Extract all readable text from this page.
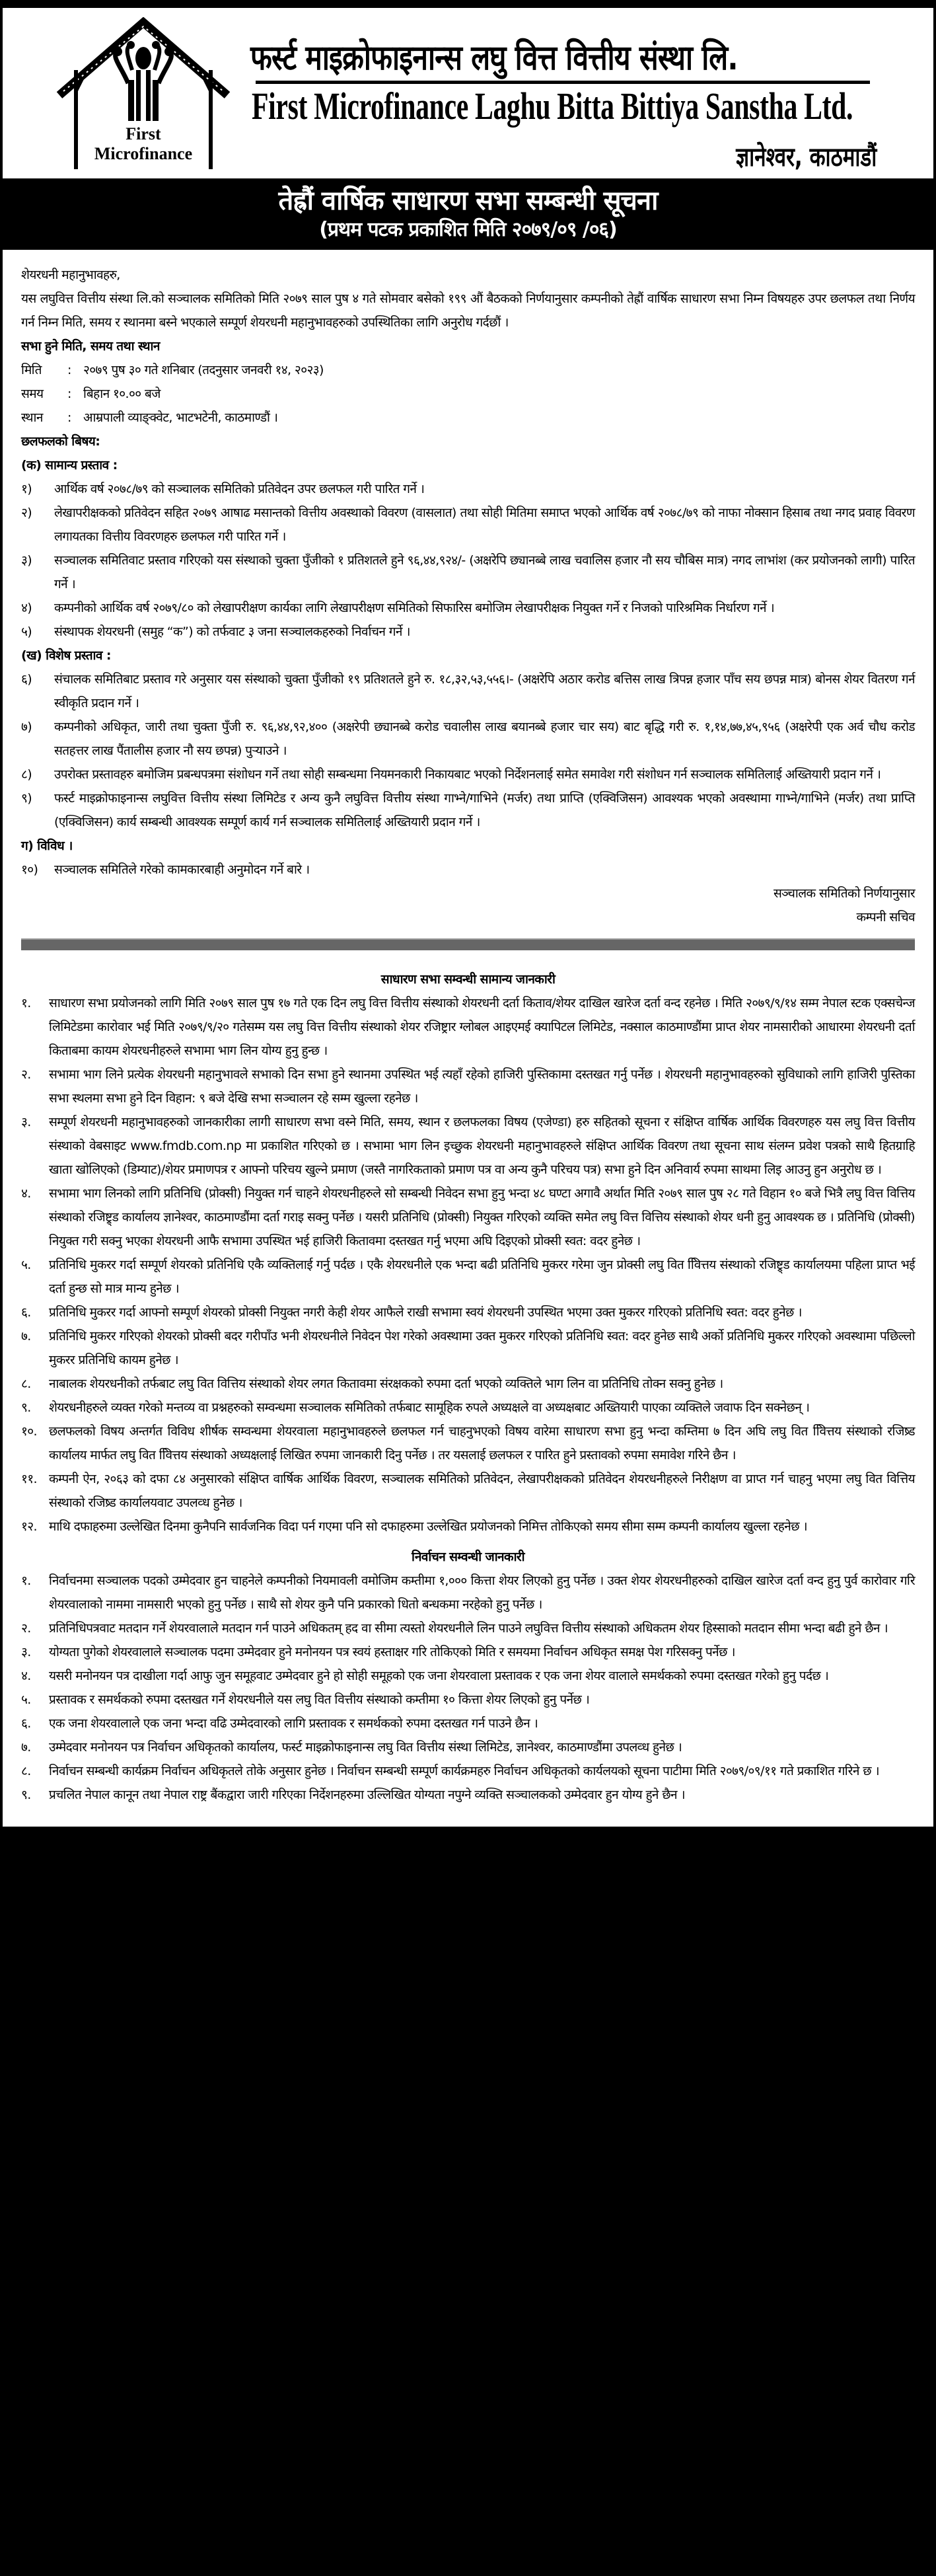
First
Microfinance
फर्स्ट माइक्रोफाइनान्स लघु वित्त वित्तीय संस्था लि.
First Microfinance Laghu Bitta Bittiya Sanstha Ltd.
ज्ञानेश्वर, काठमाडौं
तेह्रौं वार्षिक साधारण सभा सम्बन्धी सूचना
(प्रथम पटक प्रकाशित मिति २०७९/०९ /०६)
शेयरधनी महानुभावहरु,
यस लघुवित्त वित्तीय संस्था लि.को सञ्चालक समितिको मिति २०७९ साल पुष ४ गते सोमवार बसेको १९९ औं बैठकको निर्णयानुसार कम्पनीको तेह्रौं वार्षिक साधारण सभा निम्न विषयहरु उपर छलफल तथा निर्णय गर्न निम्न मिति, समय र स्थानमा बस्ने भएकाले सम्पूर्ण शेयरधनी महानुभावहरुको उपस्थितिका लागि अनुरोध गर्दछौं ।
सभा हुने मिति, समय तथा स्थान
मिति	: २०७९ पुष ३० गते शनिबार (तदनुसार जनवरी १४, २०२३)
समय	: बिहान १०.०० बजे
स्थान	: आम्रपाली व्याङ्क्वेट, भाटभटेनी, काठमाण्डौं ।
छलफलको बिषय:
(क) सामान्य प्रस्ताव :
१)	आर्थिक वर्ष २०७८/७९ को सञ्चालक समितिको प्रतिवेदन उपर छलफल गरी पारित गर्ने ।
२)	लेखापरीक्षकको प्रतिवेदन सहित २०७९ आषाढ मसान्तको वित्तीय अवस्थाको विवरण (वासलात) तथा सोही मितिमा समाप्त भएको आर्थिक वर्ष २०७८/७९ को नाफा नोक्सान हिसाब तथा नगद प्रवाह विवरण लगायतका वित्तीय विवरणहरु छलफल गरी पारित गर्ने ।
३)	सञ्चालक समितिवाट प्रस्ताव गरिएको यस संस्थाको चुक्ता पुँजीको १ प्रतिशतले हुने ९६,४४,९२४/- (अक्षरेपि छ्यानब्बे लाख चवालिस हजार नौ सय चौबिस मात्र) नगद लाभांश (कर प्रयोजनको लागी) पारित गर्ने ।
४)	कम्पनीको आर्थिक वर्ष २०७९/८० को लेखापरीक्षण कार्यका लागि लेखापरीक्षण समितिको सिफारिस बमोजिम लेखापरीक्षक नियुक्त गर्ने र निजको पारिश्रमिक निर्धारण गर्ने ।
५)	संस्थापक शेयरधनी (समुह “क”) को तर्फवाट ३ जना सञ्चालकहरुको निर्वाचन गर्ने ।
(ख) विशेष प्रस्ताव :
६)	संचालक समितिबाट प्रस्ताव गरे अनुसार यस संस्थाको चुक्ता पुँजीको १९ प्रतिशतले हुने रु. १८,३२,५३,५५६।- (अक्षरेपि अठार करोड बत्तिस लाख त्रिपन्न हजार पाँच सय छपन्न मात्र) बोनस शेयर वितरण गर्न स्वीकृति प्रदान गर्ने ।
७)	कम्पनीको अधिकृत, जारी तथा चुक्ता पुँजी रु. ९६,४४,९२,४०० (अक्षरेपी छ्यानब्बे करोड चवालीस लाख बयानब्बे हजार चार सय) बाट बृद्धि गरी रु. १,१४,७७,४५,९५६ (अक्षरेपी एक अर्व चौध करोड सतहत्तर लाख पैंतालीस हजार नौ सय छपन्न) पुऱ्याउने ।
८)	उपरोक्त प्रस्तावहरु बमोजिम प्रबन्धपत्रमा संशोधन गर्ने तथा सोही सम्बन्धमा नियमनकारी निकायबाट भएको निर्देशनलाई समेत समावेश गरी संशोधन गर्न सञ्चालक समितिलाई अख्तियारी प्रदान गर्ने ।
९)	फर्स्ट माइक्रोफाइनान्स लघुवित्त वित्तीय संस्था लिमिटेड र अन्य कुनै लघुवित्त वित्तीय संस्था गाभ्ने/गाभिने (मर्जर) तथा प्राप्ति (एक्विजिसन) आवश्यक भएको अवस्थामा गाभ्ने/गाभिने (मर्जर) तथा प्राप्ति (एक्विजिसन) कार्य सम्बन्धी आवश्यक सम्पूर्ण कार्य गर्न सञ्चालक समितिलाई अख्तियारी प्रदान गर्ने ।
ग) विविध ।
१०)	सञ्चालक समितिले गरेको कामकारबाही अनुमोदन गर्ने बारे ।
सञ्चालक समितिको निर्णयानुसार
कम्पनी सचिव
साधारण सभा सम्वन्धी सामान्य जानकारी
१.	साधारण सभा प्रयोजनको लागि मिति २०७९ साल पुष १७ गते एक दिन लघु वित्त वित्तीय संस्थाको शेयरधनी दर्ता किताव/शेयर दाखिल खारेज दर्ता वन्द रहनेछ । मिति २०७९/९/१४ सम्म नेपाल स्टक एक्सचेन्ज लिमिटेडमा कारोवार भई मिति २०७९/९/२० गतेसम्म यस लघु वित्त वित्तीय संस्थाको शेयर रजिष्ट्रार ग्लोबल आइएमई क्यापिटल लिमिटेड, नक्साल काठमाण्डौंमा प्राप्त शेयर नामसारीको आधारमा शेयरधनी दर्ता किताबमा कायम शेयरधनीहरुले सभामा भाग लिन योग्य हुनु हुन्छ ।
२.	सभामा भाग लिने प्रत्येक शेयरधनी महानुभावले सभाको दिन सभा हुने स्थानमा उपस्थित भई त्यहाँ रहेको हाजिरी पुस्तिकामा दस्तखत गर्नु पर्नेछ । शेयरधनी महानुभावहरुको सुविधाको लागि हाजिरी पुस्तिका सभा स्थलमा सभा हुने दिन विहान: ९ बजे देखि सभा सञ्चालन रहे सम्म खुल्ला रहनेछ ।
३.	सम्पूर्ण शेयरधनी महानुभावहरुको जानकारीका लागी साधारण सभा वस्ने मिति, समय, स्थान र छलफलका विषय (एजेण्डा) हरु सहितको सूचना र संक्षिप्त वार्षिक आर्थिक विवरणहरु यस लघु वित्त वित्तीय संस्थाको वेबसाइट www.fmdb.com.np मा प्रकाशित गरिएको छ । सभामा भाग लिन इच्छुक शेयरधनी महानुभावहरुले संक्षिप्त आर्थिक विवरण तथा सूचना साथ संलग्न प्रवेश पत्रको साथै हितग्राहि खाता खोलिएको (डिम्याट)/शेयर प्रमाणपत्र र आफ्नो परिचय खुल्ने प्रमाण (जस्तै नागरिकताको प्रमाण पत्र वा अन्य कुनै परिचय पत्र) सभा हुने दिन अनिवार्य रुपमा साथमा लिइ आउनु हुन अनुरोध छ ।
४.	सभामा भाग लिनको लागि प्रतिनिधि (प्रोक्सी) नियुक्त गर्न चाहने शेयरधनीहरुले सो सम्बन्धी निवेदन सभा हुनु भन्दा ४८ घण्टा अगावै अर्थात मिति २०७९ साल पुष २८ गते विहान १० बजे भित्रै लघु वित्त वित्तिय संस्थाको रजिष्ट्र्ड कार्यालय ज्ञानेश्वर, काठमाण्डौंमा दर्ता गराइ सक्नु पर्नेछ । यसरी प्रतिनिधि (प्रोक्सी) नियुक्त गरिएको व्यक्ति समेत लघु वित्त वित्तिय संस्थाको शेयर धनी हुनु आवश्यक छ । प्रतिनिधि (प्रोक्सी) नियुक्त गरी सक्नु भएका शेयरधनी आफै सभामा उपस्थित भई हाजिरी कितावमा दस्तखत गर्नु भएमा अघि दिइएको प्रोक्सी स्वत: वदर हुनेछ ।
५.	प्रतिनिधि मुकरर गर्दा सम्पूर्ण शेयरको प्रतिनिधि एकै व्यक्तिलाई गर्नु पर्दछ । एकै शेयरधनीले एक भन्दा बढी प्रतिनिधि मुकरर गरेमा जुन प्रोक्सी लघु वित विित्तय संस्थाको रजिष्ट्र्ड कार्यालयमा पहिला प्राप्त भई दर्ता हुन्छ सो मात्र मान्य हुनेछ ।
६.	प्रतिनिधि मुकरर गर्दा आफ्नो सम्पूर्ण शेयरको प्रोक्सी नियुक्त नगरी केही शेयर आफैले राखी सभामा स्वयं शेयरधनी उपस्थित भएमा उक्त मुकरर गरिएको प्रतिनिधि स्वत: वदर हुनेछ ।
७.	प्रतिनिधि मुकरर गरिएको शेयरको प्रोक्सी बदर गरीपाँउ भनी शेयरधनीले निवेदन पेश गरेको अवस्थामा उक्त मुकरर गरिएको प्रतिनिधि स्वत: वदर हुनेछ साथै अर्को प्रतिनिधि मुकरर गरिएको अवस्थामा पछिल्लो मुकरर प्रतिनिधि कायम हुनेछ ।
८.	नाबालक शेयरधनीको तर्फबाट लघु वित वित्तिय संस्थाको शेयर लगत कितावमा संरक्षकको रुपमा दर्ता भएको व्यक्तिले भाग लिन वा प्रतिनिधि तोक्न सक्नु हुनेछ ।
९.	शेयरधनीहरुले व्यक्त गरेको मन्तव्य वा प्रश्नहरुको सम्वन्धमा सञ्चालक समितिको तर्फबाट सामूहिक रुपले अध्यक्षले वा अध्यक्षबाट अख्तियारी पाएका व्यक्तिले जवाफ दिन सक्नेछन् ।
१०. छलफलको विषय अन्तर्गत विविध शीर्षक सम्वन्धमा शेयरवाला महानुभावहरुले छलफल गर्न चाहनुभएको विषय वारेमा साधारण सभा हुनु भन्दा कम्तिमा ७ दिन अघि लघु वित विित्तय संस्थाको रजिष्र्ड कार्यालय मार्फत लघु वित विित्तय संस्थाको अध्यक्षलाई लिखित रुपमा जानकारी दिनु पर्नेछ । तर यसलाई छलफल र पारित हुने प्रस्तावको रुपमा समावेश गरिने छैन ।
११. कम्पनी ऐन, २०६३ को दफा ८४ अनुसारको संक्षिप्त वार्षिक आर्थिक विवरण, सञ्चालक समितिको प्रतिवेदन, लेखापरीक्षकको प्रतिवेदन शेयरधनीहरुले निरीक्षण वा प्राप्त गर्न चाहनु भएमा लघु वित वित्तिय संस्थाको रजिष्र्ड कार्यालयवाट उपलव्ध हुनेछ ।
१२. माथि दफाहरुमा उल्लेखित दिनमा कुनैपनि सार्वजनिक विदा पर्न गएमा पनि सो दफाहरुमा उल्लेखित प्रयोजनको निमित्त तोकिएको समय सीमा सम्म कम्पनी कार्यालय खुल्ला रहनेछ ।
निर्वाचन सम्वन्धी जानकारी
१.	निर्वाचनमा सञ्चालक पदको उम्मेदवार हुन चाहनेले कम्पनीको नियमावली वमोजिम कम्तीमा १,००० कित्ता शेयर लिएको हुनु पर्नेछ । उक्त शेयर शेयरधनीहरुको दाखिल खारेज दर्ता वन्द हुनु पुर्व कारोवार गरि शेयरवालाको नाममा नामसारी भएको हुनु पर्नेछ । साथै सो शेयर कुनै पनि प्रकारको धितो बन्धकमा नरहेको हुनु पर्नेछ ।
२.	प्रतिनिधिपत्रवाट मतदान गर्ने शेयरवालाले मतदान गर्न पाउने अधिकतम् हद वा सीमा त्यस्तो शेयरधनीले लिन पाउने लघुवित्त वित्तीय संस्थाको अधिकतम शेयर हिस्साको मतदान सीमा भन्दा बढी हुने छैन ।
३.	योग्यता पुगेको शेयरवालाले सञ्चालक पदमा उम्मेदवार हुने मनोनयन पत्र स्वयं हस्ताक्षर गरि तोकिएको मिति र समयमा निर्वाचन अधिकृत समक्ष पेश गरिसक्नु पर्नेछ ।
४.	यसरी मनोनयन पत्र दाखीला गर्दा आफु जुन समूहवाट उम्मेदवार हुने हो सोही समूहको एक जना शेयरवाला प्रस्तावक र एक जना शेयर वालाले समर्थकको रुपमा दस्तखत गरेको हुनु पर्दछ ।
५.	प्रस्तावक र समर्थकको रुपमा दस्तखत गर्ने शेयरधनीले यस लघु वित वित्तीय संस्थाको कम्तीमा १० कित्ता शेयर लिएको हुनु पर्नेछ ।
६.	एक जना शेयरवालाले एक जना भन्दा वढि उम्मेदवारको लागि प्रस्तावक र समर्थकको रुपमा दस्तखत गर्न पाउने छैन ।
७.	उम्मेदवार मनोनयन पत्र निर्वाचन अधिकृतको कार्यालय, फर्स्ट माइक्रोफाइनान्स लघु वित वित्तीय संस्था लिमिटेड, ज्ञानेश्वर, काठमाण्डौंमा उपलव्ध हुनेछ ।
८.	निर्वाचन सम्बन्धी कार्यक्रम निर्वाचन अधिकृतले तोके अनुसार हुनेछ । निर्वाचन सम्बन्धी सम्पूर्ण कार्यक्रमहरु निर्वाचन अधिकृतको कार्यलयको सूचना पाटीमा मिति २०७९/०९/११ गते प्रकाशित गरिने छ ।
९.	प्रचलित नेपाल कानून तथा नेपाल राष्ट्र बैंकद्वारा जारी गरिएका निर्देशनहरुमा उल्लिखित योग्यता नपुग्ने व्यक्ति सञ्चालकको उम्मेदवार हुन योग्य हुने छैन ।
